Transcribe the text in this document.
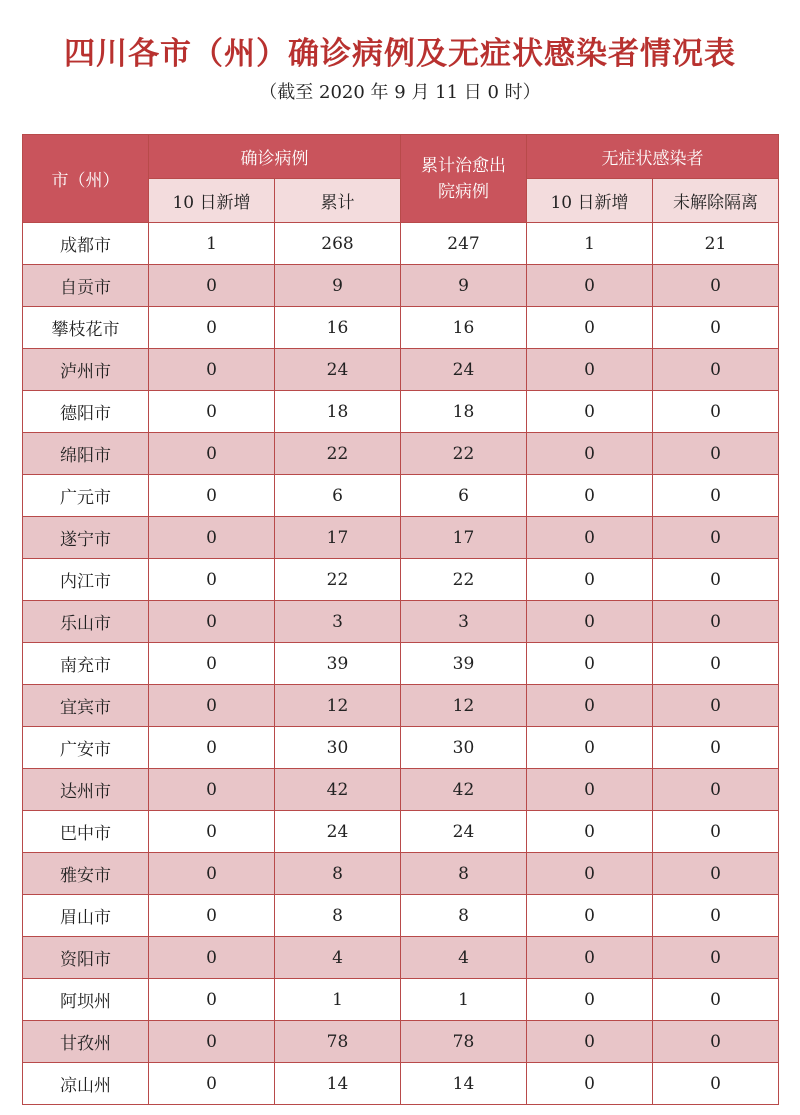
四川各市（州）确诊病例及无症状感染者情况表
（截至 2020 年 9 月 11 日 0 时）
市（州）	确诊病例		累计治愈出院病例	无症状感染者	
	10 日新增	累计		10 日新增	未解除隔离
成都市	1	268	247	1	21
自贡市	0	9	9	0	0
攀枝花市	0	16	16	0	0
泸州市	0	24	24	0	0
德阳市	0	18	18	0	0
绵阳市	0	22	22	0	0
广元市	0	6	6	0	0
遂宁市	0	17	17	0	0
内江市	0	22	22	0	0
乐山市	0	3	3	0	0
南充市	0	39	39	0	0
宜宾市	0	12	12	0	0
广安市	0	30	30	0	0
达州市	0	42	42	0	0
巴中市	0	24	24	0	0
雅安市	0	8	8	0	0
眉山市	0	8	8	0	0
资阳市	0	4	4	0	0
阿坝州	0	1	1	0	0
甘孜州	0	78	78	0	0
凉山州	0	14	14	0	0
